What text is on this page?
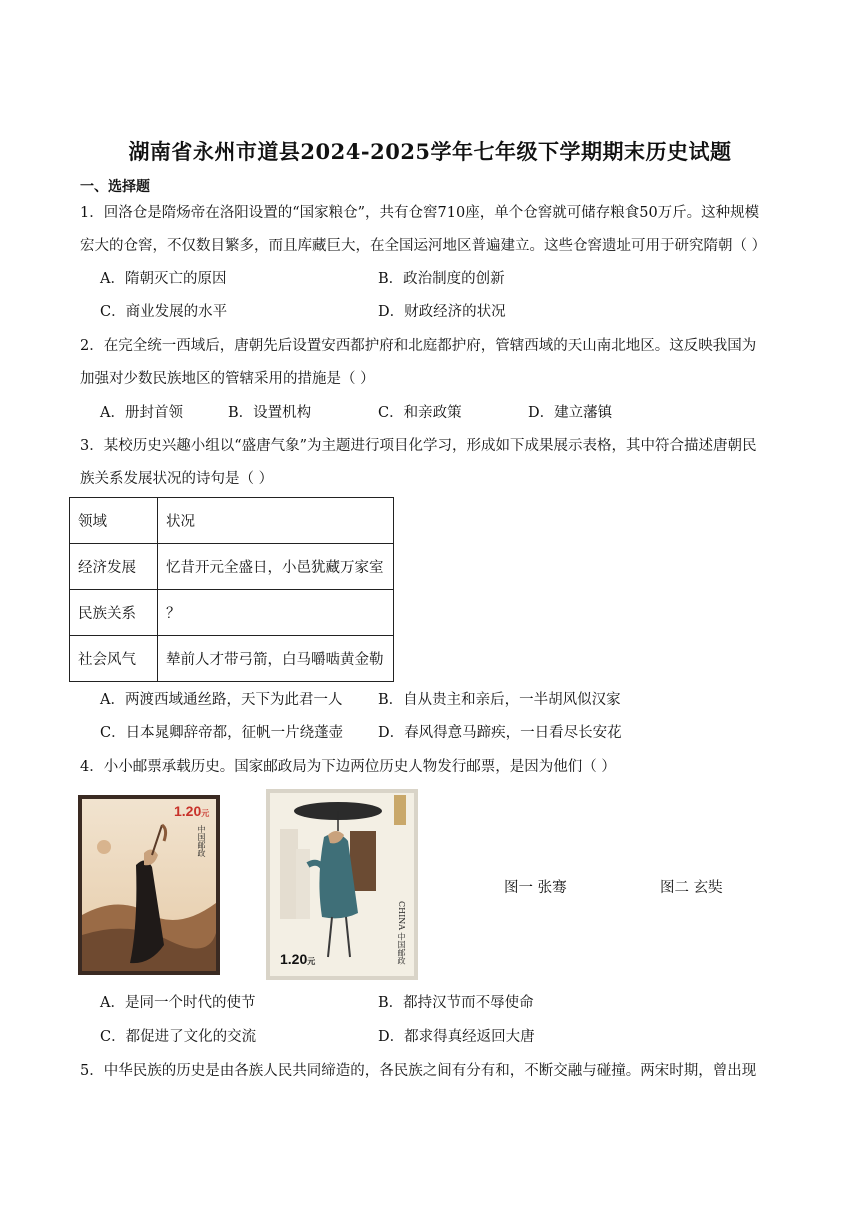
湖南省永州市道县2024-2025学年七年级下学期期末历史试题
一、选择题
1．回洛仓是隋炀帝在洛阳设置的“国家粮仓”，共有仓窖710座，单个仓窖就可储存粮食50万斤。这种规模
宏大的仓窖，不仅数目繁多，而且库藏巨大，在全国运河地区普遍建立。这些仓窖遗址可用于研究隋朝（ ）
A．隋朝灭亡的原因	B．政治制度的创新
C．商业发展的水平	D．财政经济的状况
2．在完全统一西域后，唐朝先后设置安西都护府和北庭都护府，管辖西域的天山南北地区。这反映我国为
加强对少数民族地区的管辖采用的措施是（ ）
A．册封首领	B．设置机构	C．和亲政策	D．建立藩镇
3．某校历史兴趣小组以“盛唐气象”为主题进行项目化学习，形成如下成果展示表格，其中符合描述唐朝民
族关系发展状况的诗句是（ ）
领域	状况
经济发展	忆昔开元全盛日，小邑犹藏万家室
民族关系	？
社会风气	辇前人才带弓箭，白马嚼啮黄金勒
A．两渡西域通丝路，天下为此君一人 B．自从贵主和亲后，一半胡风似汉家
C．日本晁卿辞帝都，征帆一片绕蓬壶 D．春风得意马蹄疾，一日看尽长安花
4．小小邮票承载历史。国家邮政局为下边两位历史人物发行邮票，是因为他们（ ）
1.20元
中国邮政
1.20元
CHINA 中国邮政
图一 张骞	图二 玄奘
A．是同一个时代的使节	B．都持汉节而不辱使命
C．都促进了文化的交流	D．都求得真经返回大唐
5．中华民族的历史是由各族人民共同缔造的，各民族之间有分有和，不断交融与碰撞。两宋时期，曾出现
